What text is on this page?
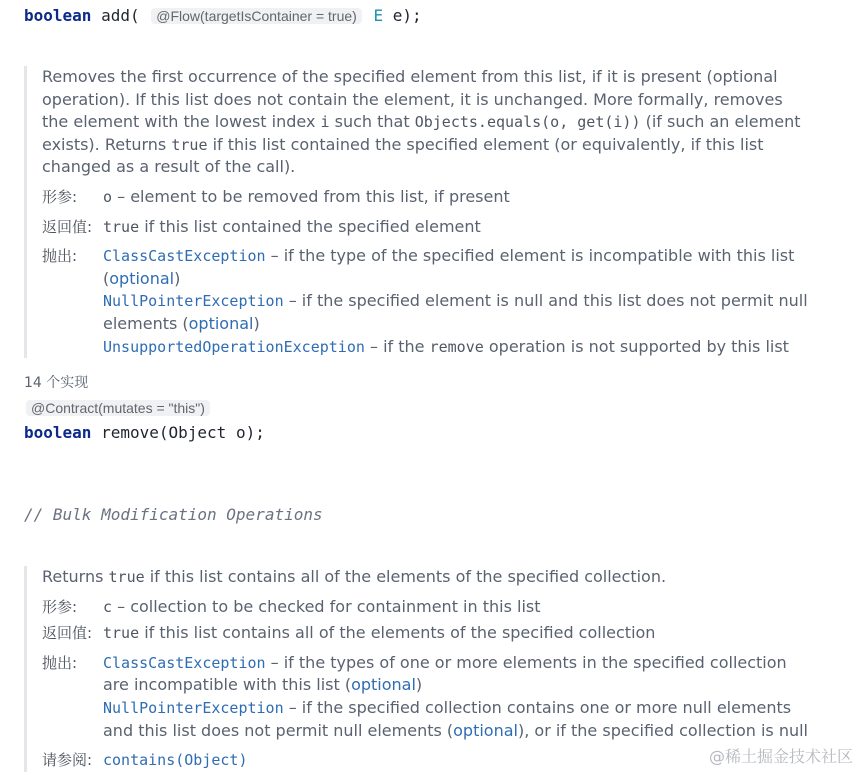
boolean add( @Flow(targetIsContainer = true) E e);

Removes the first occurrence of the specified element from this list, if it is present (optional operation). If this list does not contain the element, it is unchanged. More formally, removes the element with the lowest index i such that Objects.equals(o, get(i)) (if such an element exists). Returns true if this list contained the specified element (or equivalently, if this list changed as a result of the call).

形参:	o – element to be removed from this list, if present
返回值: true if this list contained the specified element
抛出:	ClassCastException – if the type of the specified element is incompatible with this list (optional)
NullPointerException – if the specified element is null and this list does not permit null elements (optional)
UnsupportedOperationException – if the remove operation is not supported by this list
14 个实现
@Contract(mutates = "this")
boolean remove(Object o);
// Bulk Modification Operations

Returns true if this list contains all of the elements of the specified collection.

形参:	c – collection to be checked for containment in this list
返回值: true if this list contains all of the elements of the specified collection
抛出:	ClassCastException – if the types of one or more elements in the specified collection are incompatible with this list (optional)
NullPointerException – if the specified collection contains one or more null elements and this list does not permit null elements (optional), or if the specified collection is null
请参阅: contains(Object)	@稀土掘金技术社区
